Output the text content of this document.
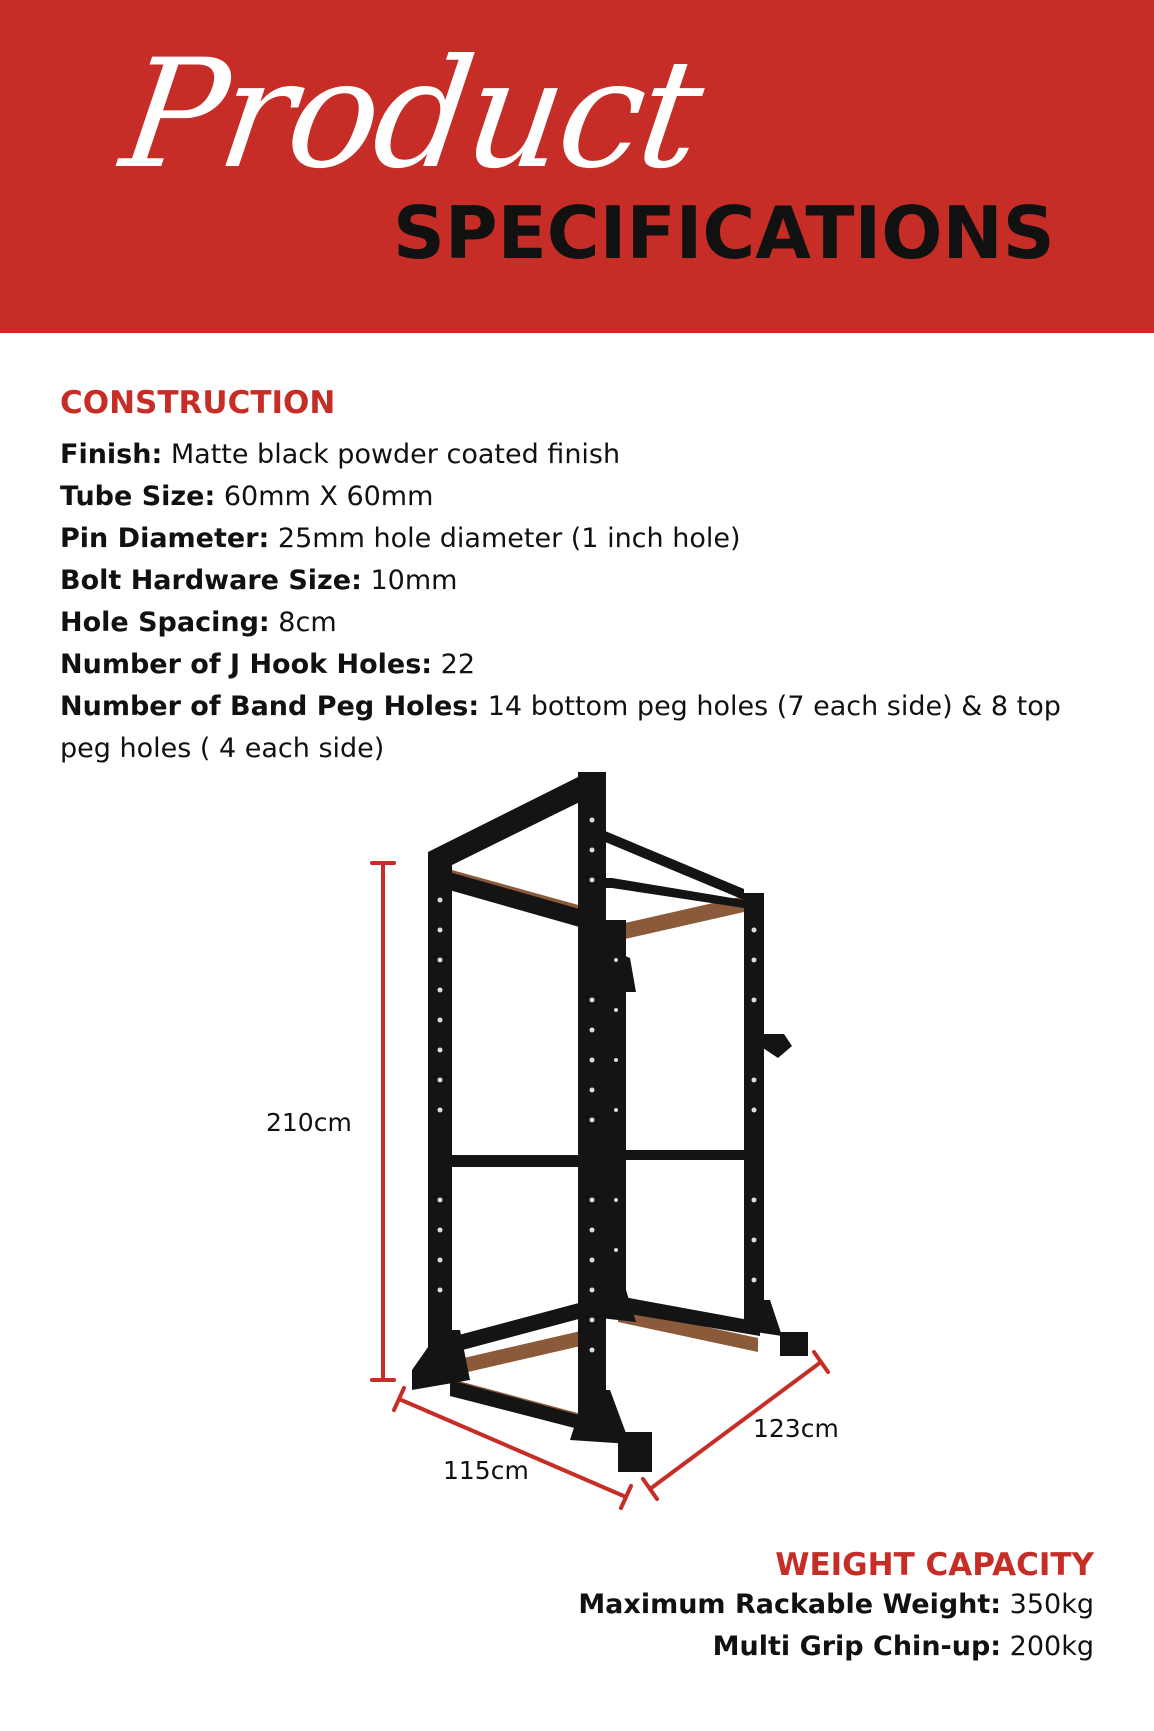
Product
SPECIFICATIONS
CONSTRUCTION
Finish: Matte black powder coated finish
Tube Size: 60mm X 60mm
Pin Diameter: 25mm hole diameter (1 inch hole)
Bolt Hardware Size: 10mm
Hole Spacing: 8cm
Number of J Hook Holes: 22
Number of Band Peg Holes: 14 bottom peg holes (7 each side) & 8 top peg holes ( 4 each side)
210cm
115cm
123cm
WEIGHT CAPACITY
Maximum Rackable Weight: 350kg
Multi Grip Chin-up: 200kg
